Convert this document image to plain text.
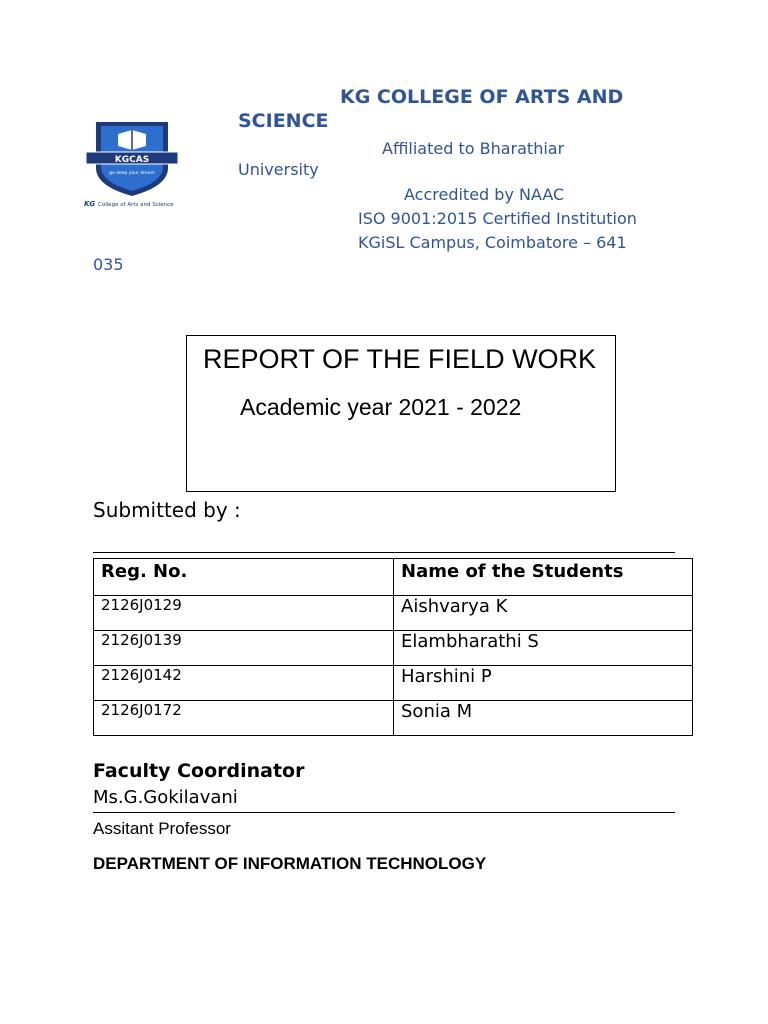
KGCAS
go deep your dream
KG College of Arts and Science
KG COLLEGE OF ARTS AND
SCIENCE
Affiliated to Bharathiar
University
Accredited by NAAC
ISO 9001:2015 Certified Institution
KGiSL Campus, Coimbatore – 641
035
REPORT OF THE FIELD WORK
Academic year 2021 - 2022
Submitted by :
Reg. No.	Name of the Students
2126J0129	Aishvarya K
2126J0139	Elambharathi S
2126J0142	Harshini P
2126J0172	Sonia M
Faculty Coordinator
Ms.G.Gokilavani
Assitant Professor
DEPARTMENT OF INFORMATION TECHNOLOGY
